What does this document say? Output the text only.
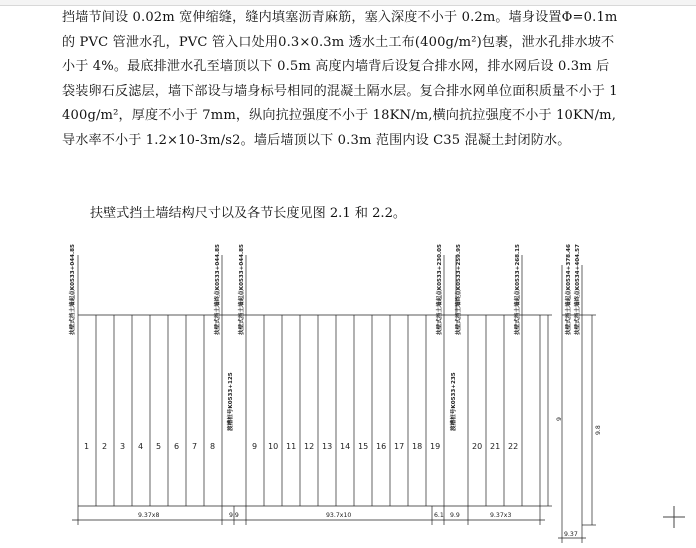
挡墙节间设 0.02m 宽伸缩缝，缝内填塞沥青麻筋，塞入深度不小于 0.2m。墙身设置Φ=0.1m 的 PVC 管泄水孔，PVC 管入口处用0.3×0.3m 透水土工布(400g/m²)包裹，泄水孔排水坡不小于 4%。最底排泄水孔至墙顶以下 0.5m 高度内墙背后设复合排水网，排水网后设 0.3m 后袋装卵石反滤层，墙下部设与墙身标号相同的混凝土隔水层。复合排水网单位面积质量不小于 1400g/m²，厚度不小于 7mm，纵向抗拉强度不小于 18KN/m,横向抗拉强度不小于 10KN/m,导水率不小于 1.2×10-3m/s2。墙后墙顶以下 0.3m 范围内设 C35 混凝土封闭防水。
扶壁式挡土墙结构尺寸以及各节长度见图 2.1 和 2.2。
1 2 3 4 5 6 7 8	9 10 11 12 13 14 15 16 17 18 19	20 21 22
扶壁式挡土墙起点K0533+044.85	扶壁式挡土墙终点K0533+044.85	扶壁式挡土墙起点K0533+044.85	扶壁式挡土墙起点K0533+230.05	扶壁式挡土墙终点K0533+259.95	扶壁式挡土墙起点K0533+268.15	扶壁式挡土墙起点K0534+378.46 扶壁式挡土墙终点K0534+404.57
渡槽桩号K0533+125	渡槽桩号K0533+235	9
9.8
9.37x8	9.9	93.7x10	6.1 9.9	9.37x3
9.37
